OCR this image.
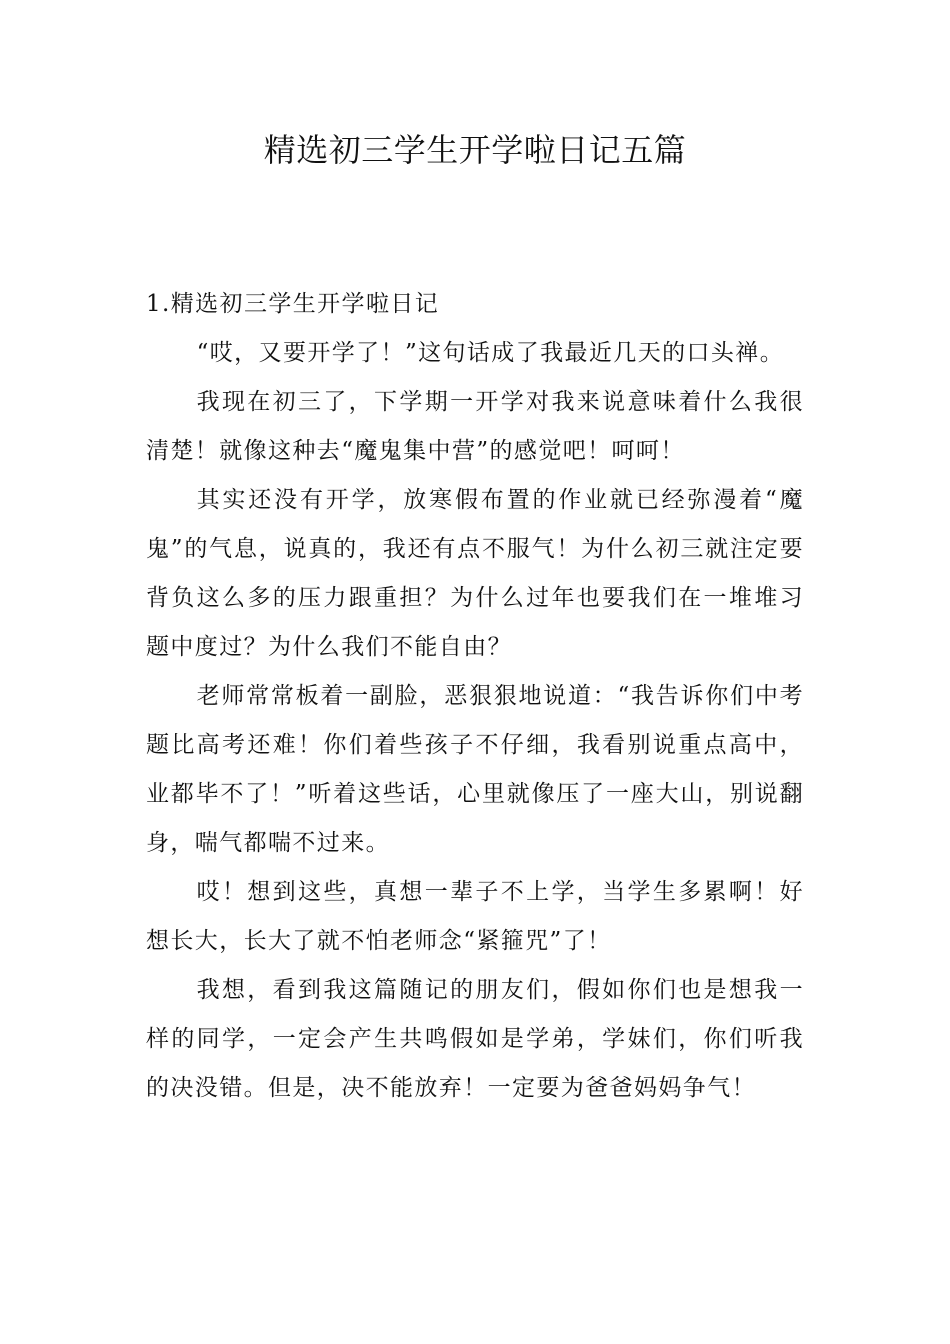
精选初三学生开学啦日记五篇
1.精选初三学生开学啦日记

“哎，又要开学了！”这句话成了我最近几天的口头禅。

我现在初三了，下学期一开学对我来说意味着什么我很清楚！就像这种去“魔鬼集中营”的感觉吧！呵呵！

其实还没有开学，放寒假布置的作业就已经弥漫着“魔鬼”的气息，说真的，我还有点不服气！为什么初三就注定要背负这么多的压力跟重担？为什么过年也要我们在一堆堆习题中度过？为什么我们不能自由？

老师常常板着一副脸，恶狠狠地说道：“我告诉你们中考题比高考还难！你们着些孩子不仔细，我看别说重点高中，业都毕不了！”听着这些话，心里就像压了一座大山，别说翻身，喘气都喘不过来。

哎！想到这些，真想一辈子不上学，当学生多累啊！好想长大，长大了就不怕老师念“紧箍咒”了！

我想，看到我这篇随记的朋友们，假如你们也是想我一样的同学，一定会产生共鸣假如是学弟，学妹们，你们听我的决没错。但是，决不能放弃！一定要为爸爸妈妈争气！
